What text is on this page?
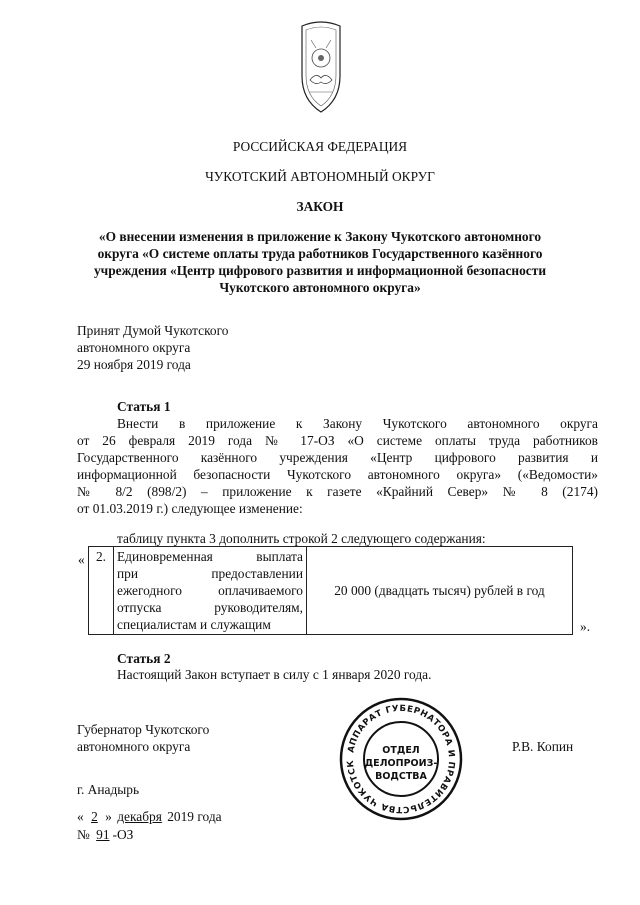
РОССИЙСКАЯ ФЕДЕРАЦИЯ
ЧУКОТСКИЙ АВТОНОМНЫЙ ОКРУГ
ЗАКОН
«О внесении изменения в приложение к Закону Чукотского автономного
округа «О системе оплаты труда работников Государственного казённого
учреждения «Центр цифрового развития и информационной безопасности
Чукотского автономного округа»
Принят Думой Чукотского
автономного округа
29 ноября 2019 года
Статья 1
Внести в приложение к Закону Чукотского автономного округа
от 26 февраля 2019 года № 17-ОЗ «О системе оплаты труда работников
Государственного казённого учреждения «Центр цифрового развития и
информационной безопасности Чукотского автономного округа» («Ведомости»
№ 8/2 (898/2) – приложение к газете «Крайний Север» № 8 (2174)
от 01.03.2019 г.) следующее изменение:
таблицу пункта 3 дополнить строкой 2 следующего содержания:
« 2.	Единовременная выплата
при предоставлении
ежегодного оплачиваемого
отпуска руководителям,
специалистам и служащим
	20 000 (двадцать тысяч) рублей в год
».
Статья 2
Настоящий Закон вступает в силу с 1 января 2020 года.
Губернатор Чукотского
автономного округа	АППАРАТ ГУБЕРНАТОРА И ПРАВИТЕЛЬСТВА ЧУКОТСК
ОТДЕЛ
ДЕЛОПРОИЗ-
ВОДСТВА
Р.В. Копин
г. Анадырь
« 2 » декабря 2019 года
№ 91 -ОЗ
